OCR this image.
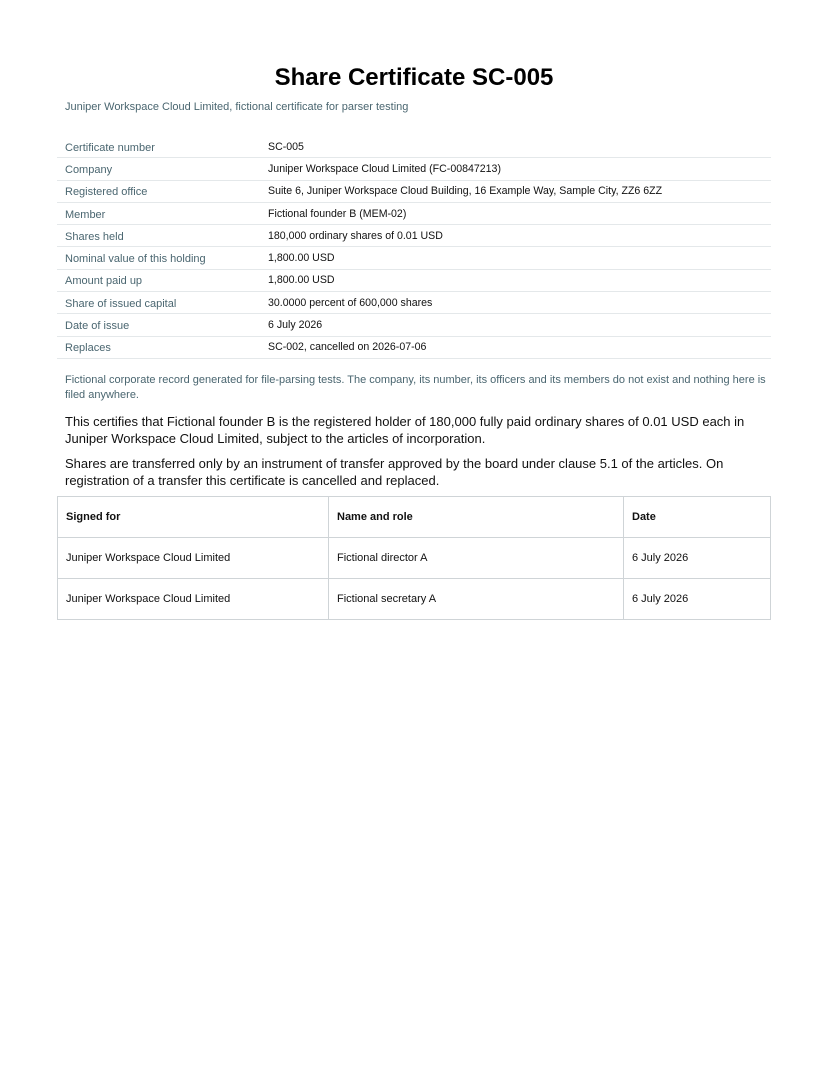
Share Certificate SC-005
Juniper Workspace Cloud Limited, fictional certificate for parser testing
Certificate number	SC-005
Company	Juniper Workspace Cloud Limited (FC-00847213)
Registered office	Suite 6, Juniper Workspace Cloud Building, 16 Example Way, Sample City, ZZ6 6ZZ
Member	Fictional founder B (MEM-02)
Shares held	180,000 ordinary shares of 0.01 USD
Nominal value of this holding	1,800.00 USD
Amount paid up	1,800.00 USD
Share of issued capital	30.0000 percent of 600,000 shares
Date of issue	6 July 2026
Replaces	SC-002, cancelled on 2026-07-06
Fictional corporate record generated for file-parsing tests. The company, its number, its officers and its members do not exist and nothing here is filed anywhere.

This certifies that Fictional founder B is the registered holder of 180,000 fully paid ordinary shares of 0.01 USD each in Juniper Workspace Cloud Limited, subject to the articles of incorporation.

Shares are transferred only by an instrument of transfer approved by the board under clause 5.1 of the articles. On registration of a transfer this certificate is cancelled and replaced.

Signed for	Name and role	Date
Juniper Workspace Cloud Limited	Fictional director A	6 July 2026
Juniper Workspace Cloud Limited	Fictional secretary A	6 July 2026
